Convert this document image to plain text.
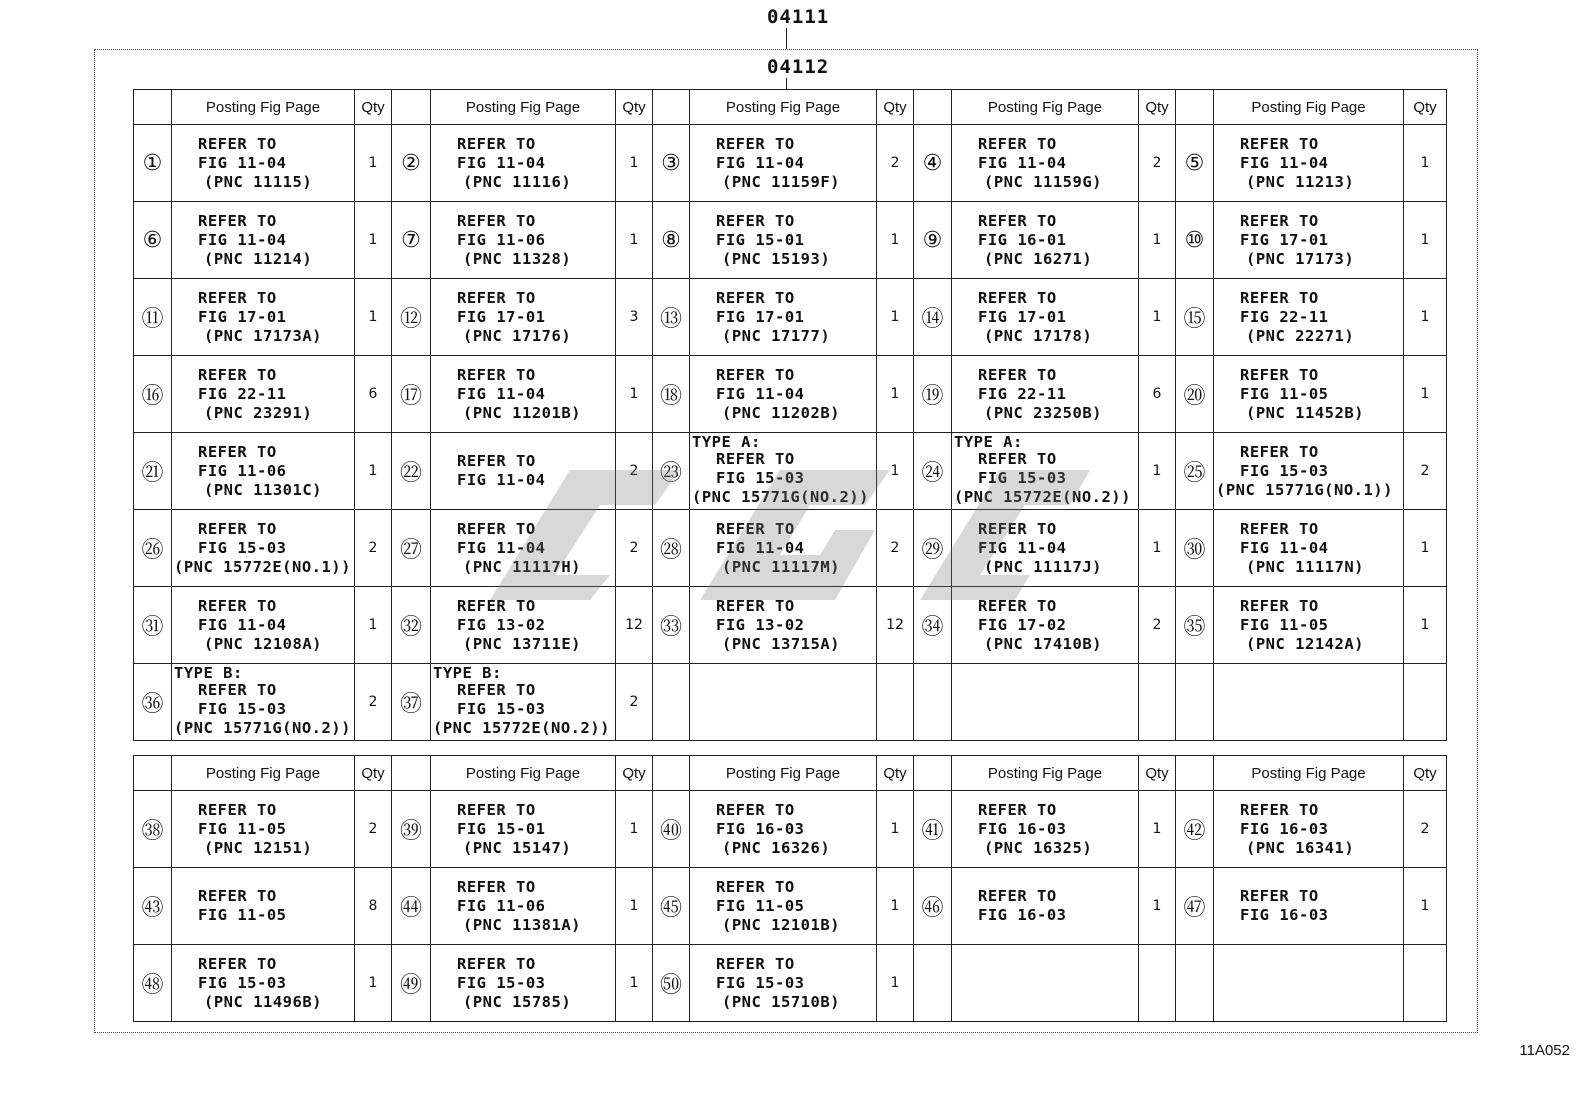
04111
04112
	Posting Fig Page	Qty		Posting Fig Page	Qty		Posting Fig Page	Qty		Posting Fig Page	Qty		Posting Fig Page	Qty
①	REFER TO
FIG 11-04
(PNC 11115)	1	②	REFER TO
FIG 11-04
(PNC 11116)	1	③	REFER TO
FIG 11-04
(PNC 11159F)	2	④	REFER TO
FIG 11-04
(PNC 11159G)	2	⑤	REFER TO
FIG 11-04
(PNC 11213)	1
⑥	REFER TO
FIG 11-04
(PNC 11214)	1	⑦	REFER TO
FIG 11-06
(PNC 11328)	1	⑧	REFER TO
FIG 15-01
(PNC 15193)	1	⑨	REFER TO
FIG 16-01
(PNC 16271)	1	⑩	REFER TO
FIG 17-01
(PNC 17173)	1
⑪	REFER TO
FIG 17-01
(PNC 17173A)	1	⑫	REFER TO
FIG 17-01
(PNC 17176)	3	⑬	REFER TO
FIG 17-01
(PNC 17177)	1	⑭	REFER TO
FIG 17-01
(PNC 17178)	1	⑮	REFER TO
FIG 22-11
(PNC 22271)	1
⑯	REFER TO
FIG 22-11
(PNC 23291)	6	⑰	REFER TO
FIG 11-04
(PNC 11201B)	1	⑱	REFER TO
FIG 11-04
(PNC 11202B)	1	⑲	REFER TO
FIG 22-11
(PNC 23250B)	6	⑳	REFER TO
FIG 11-05
(PNC 11452B)	1
㉑	REFER TO
FIG 11-06
(PNC 11301C)	1	㉒	REFER TO
FIG 11-04	2	㉓	TYPE A:
REFER TO
FIG 15-03
(PNC 15771G(NO.2))	1	㉔	TYPE A:
REFER TO
FIG 15-03
(PNC 15772E(NO.2))	1	㉕	REFER TO
FIG 15-03
(PNC 15771G(NO.1))	2
㉖	REFER TO
FIG 15-03
(PNC 15772E(NO.1))	2	㉗	REFER TO
FIG 11-04
(PNC 11117H)	2	㉘	REFER TO
FIG 11-04
(PNC 11117M)	2	㉙	REFER TO
FIG 11-04
(PNC 11117J)	1	㉚	REFER TO
FIG 11-04
(PNC 11117N)	1
㉛	REFER TO
FIG 11-04
(PNC 12108A)	1	㉜	REFER TO
FIG 13-02
(PNC 13711E)	12	㉝	REFER TO
FIG 13-02
(PNC 13715A)	12	㉞	REFER TO
FIG 17-02
(PNC 17410B)	2	㉟	REFER TO
FIG 11-05
(PNC 12142A)	1
㊱	TYPE B:
REFER TO
FIG 15-03
(PNC 15771G(NO.2))	2	㊲	TYPE B:
REFER TO
FIG 15-03
(PNC 15772E(NO.2))	2		

	Posting Fig Page	Qty		Posting Fig Page	Qty		Posting Fig Page	Qty		Posting Fig Page	Qty		Posting Fig Page	Qty
㊳	REFER TO
FIG 11-05
(PNC 12151)	2	㊴	REFER TO
FIG 15-01
(PNC 15147)	1	㊵	REFER TO
FIG 16-03
(PNC 16326)	1	㊶	REFER TO
FIG 16-03
(PNC 16325)	1	㊷	REFER TO
FIG 16-03
(PNC 16341)	2
㊸	REFER TO
FIG 11-05	8	㊹	REFER TO
FIG 11-06
(PNC 11381A)	1	㊺	REFER TO
FIG 11-05
(PNC 12101B)	1	㊻	REFER TO
FIG 16-03	1	㊼	REFER TO
FIG 16-03	1
㊽	REFER TO
FIG 15-03
(PNC 11496B)	1	㊾	REFER TO
FIG 15-03
(PNC 15785)	1	㊿	REFER TO
FIG 15-03
(PNC 15710B)	1		

11A052
